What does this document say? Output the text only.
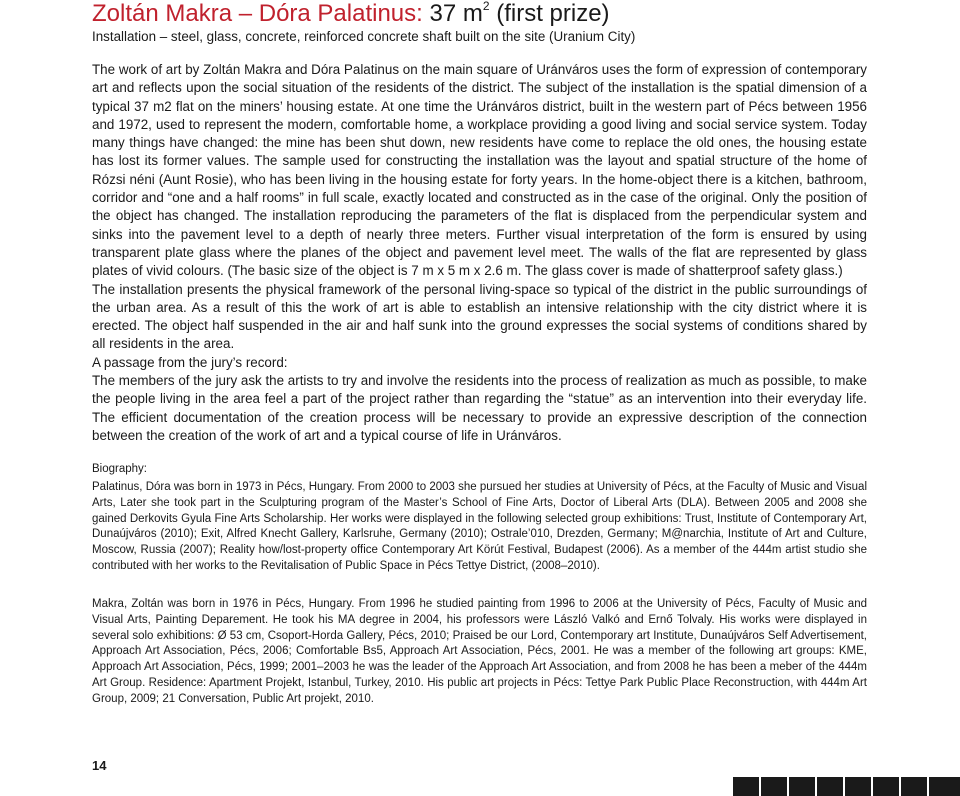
Zoltán Makra – Dóra Palatinus: 37 $m^2$ (first prize)

Installation – steel, glass, concrete, reinforced concrete shaft built on the site (Uranium City)

The work of art by Zoltán Makra and Dóra Palatinus on the main square of Uránváros uses the form of expression of contemporary art and reflects upon the social situation of the residents of the district. The subject of the installation is the spatial dimension of a typical 37 m2 flat on the miners’ housing estate. At one time the Uránváros district, built in the western part of Pécs between 1956 and 1972, used to represent the modern, comfortable home, a workplace providing a good living and social service system. Today many things have changed: the mine has been shut down, new residents have come to replace the old ones, the housing estate has lost its former values. The sample used for constructing the installation was the layout and spatial structure of the home of Rózsi néni (Aunt Rosie), who has been living in the housing estate for forty years. In the home-object there is a kitchen, bathroom, corridor and “one and a half rooms” in full scale, exactly located and constructed as in the case of the original. Only the position of the object has changed. The installation reproducing the parameters of the flat is displaced from the perpendicular system and sinks into the pavement level to a depth of nearly three meters. Further visual interpretation of the form is ensured by using transparent plate glass where the planes of the object and pavement level meet. The walls of the flat are represented by glass plates of vivid colours. (The basic size of the object is 7 m x 5 m x 2.6 m. The glass cover is made of shatterproof safety glass.)
The installation presents the physical framework of the personal living-space so typical of the district in the public surroundings of the urban area. As a result of this the work of art is able to establish an intensive relationship with the city district where it is erected. The object half suspended in the air and half sunk into the ground expresses the social systems of conditions shared by all residents in the area.
A passage from the jury’s record:
The members of the jury ask the artists to try and involve the residents into the process of realization as much as possible, to make the people living in the area feel a part of the project rather than regarding the “statue” as an intervention into their everyday life. The efficient documentation of the creation process will be necessary to provide an expressive description of the connection between the creation of the work of art and a typical course of life in Uránváros.

Biography:

Palatinus, Dóra was born in 1973 in Pécs, Hungary. From 2000 to 2003 she pursued her studies at University of Pécs, at the Faculty of Music and Visual Arts, Later she took part in the Sculpturing program of the Master’s School of Fine Arts, Doctor of Liberal Arts (DLA). Between 2005 and 2008 she gained Derkovits Gyula Fine Arts Scholarship. Her works were displayed in the following selected group exhibitions: Trust, Institute of Contemporary Art, Dunaújváros (2010); Exit, Alfred Knecht Gallery, Karlsruhe, Germany (2010); Ostrale’010, Drezden, Germany; M@narchia, Institute of Art and Culture, Moscow, Russia (2007); Reality how/lost-property office Contemporary Art Körút Festival, Budapest (2006). As a member of the 444m artist studio she contributed with her works to the Revitalisation of Public Space in Pécs Tettye District, (2008–2010).

Makra, Zoltán was born in 1976 in Pécs, Hungary. From 1996 he studied painting from 1996 to 2006 at the University of Pécs, Faculty of Music and Visual Arts, Painting Deparement. He took his MA degree in 2004, his professors were László Valkó and Ernő Tolvaly. His works were displayed in several solo exhibitions: Ø 53 cm, Csoport-Horda Gallery, Pécs, 2010; Praised be our Lord, Contemporary art Institute, Dunaújváros Self Advertisement, Approach Art Association, Pécs, 2006; Comfortable Bs5, Approach Art Association, Pécs, 2001. He was a member of the following art groups: KME, Approach Art Association, Pécs, 1999; 2001–2003 he was the leader of the Approach Art Association, and from 2008 he has been a meber of the 444m Art Group. Residence: Apartment Projekt, Istanbul, Turkey, 2010. His public art projects in Pécs: Tettye Park Public Place Reconstruction, with 444m Art Group, 2009; 21 Conversation, Public Art projekt, 2010.

14
